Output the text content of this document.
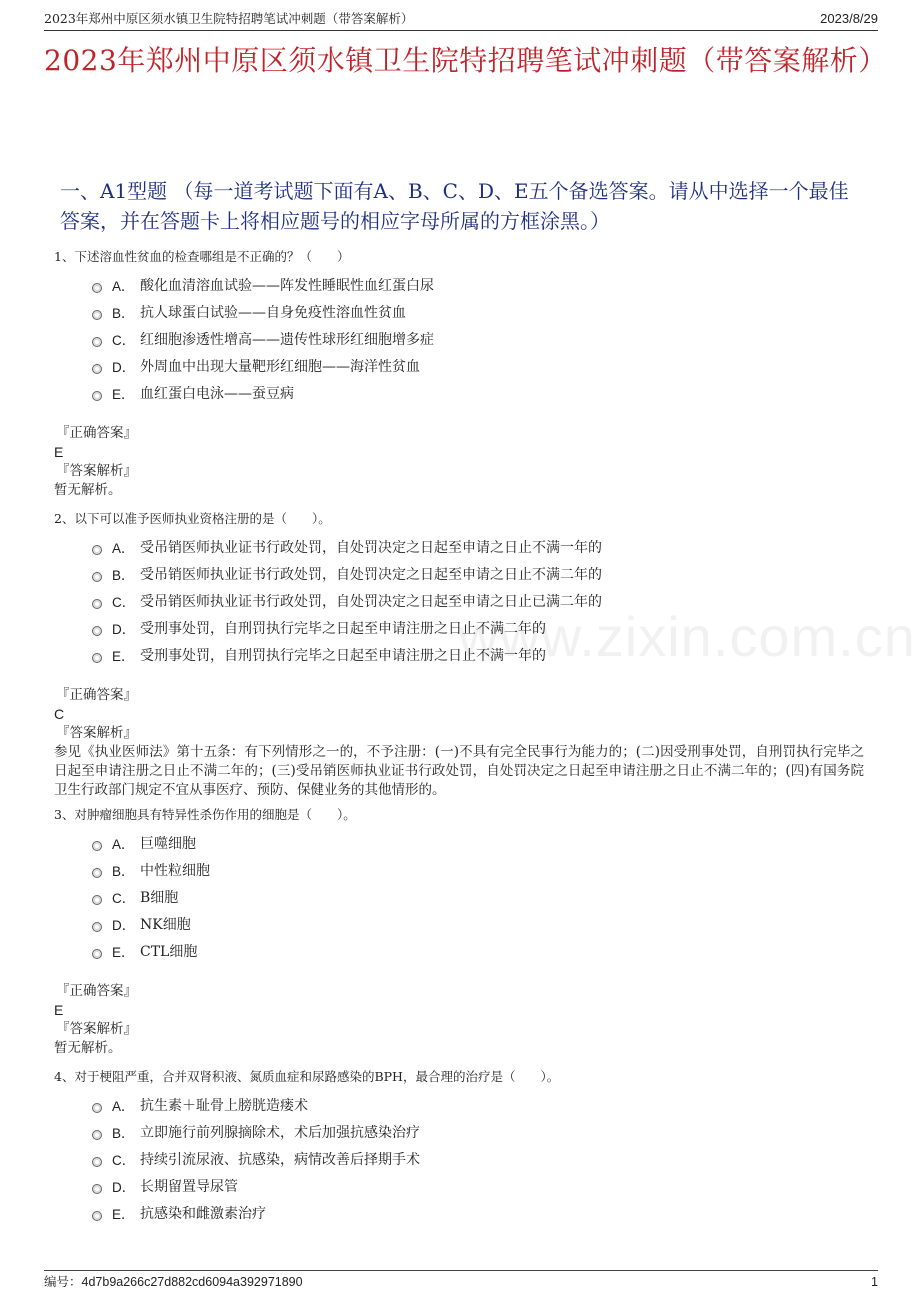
2023年郑州中原区须水镇卫生院特招聘笔试冲刺题（带答案解析）	2023/8/29
2023年郑州中原区须水镇卫生院特招聘笔试冲刺题（带答案解析）
一、A1型题 （每一道考试题下面有A、B、C、D、E五个备选答案。请从中选择一个最佳答案，并在答题卡上将相应题号的相应字母所属的方框涂黑。）
www.zixin.com.cn
1、下述溶血性贫血的检查哪组是不正确的？（　　）
A． 酸化血清溶血试验——阵发性睡眠性血红蛋白尿
B． 抗人球蛋白试验——自身免疫性溶血性贫血
C． 红细胞渗透性增高——遗传性球形红细胞增多症
D． 外周血中出现大量靶形红细胞——海洋性贫血
E． 血红蛋白电泳——蚕豆病
『正确答案』
E
『答案解析』
暂无解析。
2、以下可以准予医师执业资格注册的是（　　）。
A． 受吊销医师执业证书行政处罚，自处罚决定之日起至申请之日止不满一年的
B． 受吊销医师执业证书行政处罚，自处罚决定之日起至申请之日止不满二年的
C． 受吊销医师执业证书行政处罚，自处罚决定之日起至申请之日止已满二年的
D． 受刑事处罚，自刑罚执行完毕之日起至申请注册之日止不满二年的
E． 受刑事处罚，自刑罚执行完毕之日起至申请注册之日止不满一年的
『正确答案』
C
『答案解析』
参见《执业医师法》第十五条：有下列情形之一的，不予注册：(一)不具有完全民事行为能力的；(二)因受刑事处罚，自刑罚执行完毕之日起至申请注册之日止不满二年的；(三)受吊销医师执业证书行政处罚，自处罚决定之日起至申请注册之日止不满二年的；(四)有国务院卫生行政部门规定不宜从事医疗、预防、保健业务的其他情形的。
3、对肿瘤细胞具有特异性杀伤作用的细胞是（　　）。
A． 巨噬细胞
B． 中性粒细胞
C． B细胞
D． NK细胞
E． CTL细胞
『正确答案』
E
『答案解析』
暂无解析。
4、对于梗阻严重，合并双肾积液、氮质血症和尿路感染的BPH，最合理的治疗是（　　）。
A． 抗生素＋耻骨上膀胱造瘘术
B． 立即施行前列腺摘除术，术后加强抗感染治疗
C． 持续引流尿液、抗感染，病情改善后择期手术
D． 长期留置导尿管
E． 抗感染和雌激素治疗
编号：4d7b9a266c27d882cd6094a392971890	1
